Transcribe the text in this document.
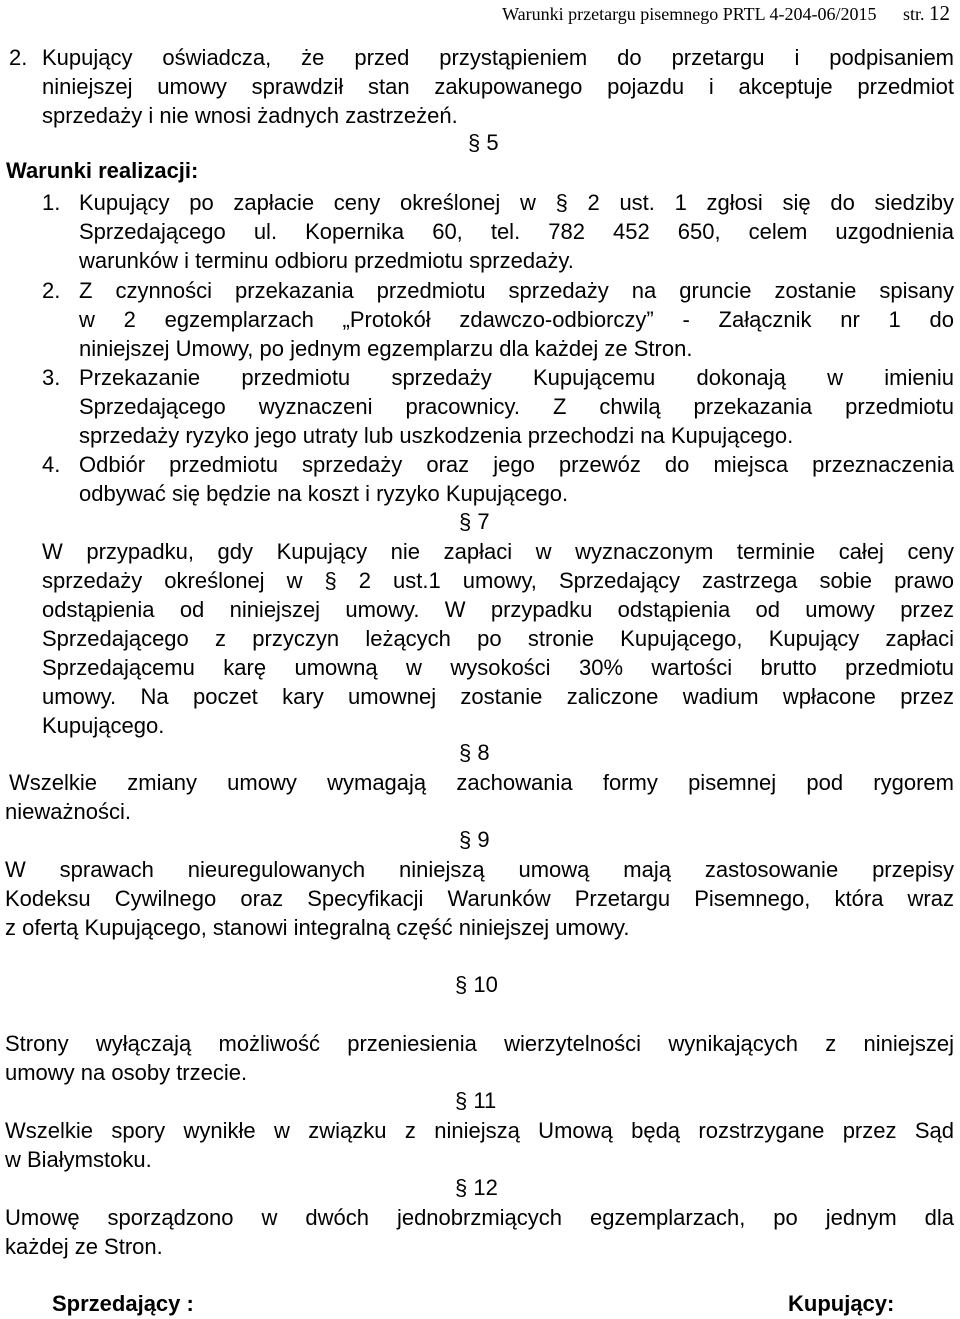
Warunki przetargu pisemnego PRTL 4-204-06/2015 str. 12
2. Kupujący oświadcza, że przed przystąpieniem do przetargu i podpisaniem
niniejszej umowy sprawdził stan zakupowanego pojazdu i akceptuje przedmiot
sprzedaży i nie wnosi żadnych zastrzeżeń.
§ 5
Warunki realizacji:
1. Kupujący po zapłacie ceny określonej w § 2 ust. 1 zgłosi się do siedziby
Sprzedającego ul. Kopernika 60, tel. 782 452 650, celem uzgodnienia
warunków i terminu odbioru przedmiotu sprzedaży.
2. Z czynności przekazania przedmiotu sprzedaży na gruncie zostanie spisany
w 2 egzemplarzach „Protokół zdawczo-odbiorczy” - Załącznik nr 1 do
niniejszej Umowy, po jednym egzemplarzu dla każdej ze Stron.
3. Przekazanie przedmiotu sprzedaży Kupującemu dokonają w imieniu
Sprzedającego wyznaczeni pracownicy. Z chwilą przekazania przedmiotu
sprzedaży ryzyko jego utraty lub uszkodzenia przechodzi na Kupującego.
4. Odbiór przedmiotu sprzedaży oraz jego przewóz do miejsca przeznaczenia
odbywać się będzie na koszt i ryzyko Kupującego.
§ 7
W przypadku, gdy Kupujący nie zapłaci w wyznaczonym terminie całej ceny
sprzedaży określonej w § 2 ust.1 umowy, Sprzedający zastrzega sobie prawo
odstąpienia od niniejszej umowy. W przypadku odstąpienia od umowy przez
Sprzedającego z przyczyn leżących po stronie Kupującego, Kupujący zapłaci
Sprzedającemu karę umowną w wysokości 30% wartości brutto przedmiotu
umowy. Na poczet kary umownej zostanie zaliczone wadium wpłacone przez
Kupującego.
§ 8
Wszelkie zmiany umowy wymagają zachowania formy pisemnej pod rygorem
nieważności.
§ 9
W sprawach nieuregulowanych niniejszą umową mają zastosowanie przepisy
Kodeksu Cywilnego oraz Specyfikacji Warunków Przetargu Pisemnego, która wraz
z ofertą Kupującego, stanowi integralną część niniejszej umowy.
§ 10
Strony wyłączają możliwość przeniesienia wierzytelności wynikających z niniejszej
umowy na osoby trzecie.
§ 11
Wszelkie spory wynikłe w związku z niniejszą Umową będą rozstrzygane przez Sąd
w Białymstoku.
§ 12
Umowę sporządzono w dwóch jednobrzmiących egzemplarzach, po jednym dla
każdej ze Stron.
Sprzedający :	Kupujący:
